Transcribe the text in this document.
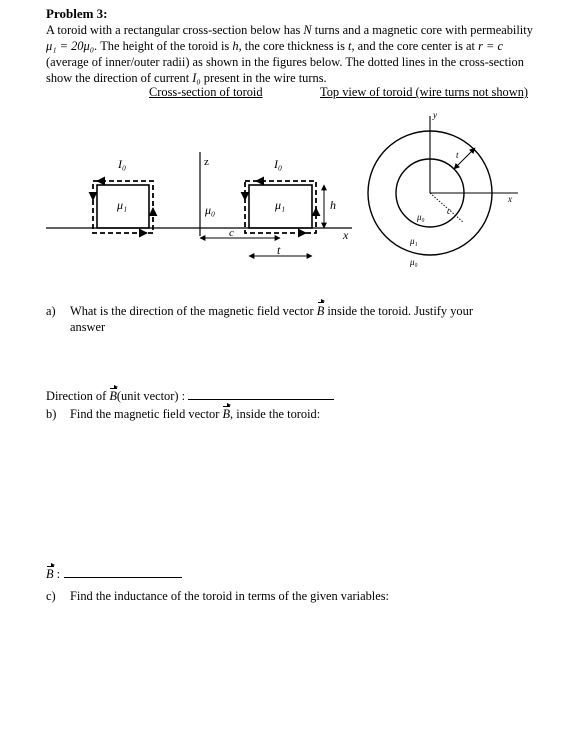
Problem 3:
A toroid with a rectangular cross-section below has N turns and a magnetic core with permeability μ₁ = 20μ₀. The height of the toroid is h, the core thickness is t, and the core center is at r = c (average of inner/outer radii) as shown in the figures below. The dotted lines in the cross-section show the direction of current I₀ present in the wire turns.
Cross-section of toroid	Top view of toroid (wire turns not shown)
I₀	z	I₀
μ₁	μ₀	μ₁	h
c
t
x
y
t
c
x
μ₀
μ₁
μ₀
a) What is the direction of the magnetic field vector B inside the toroid. Justify your
answer
Direction of B(unit vector) :
b) Find the magnetic field vector B, inside the toroid:
B :
c) Find the inductance of the toroid in terms of the given variables:
